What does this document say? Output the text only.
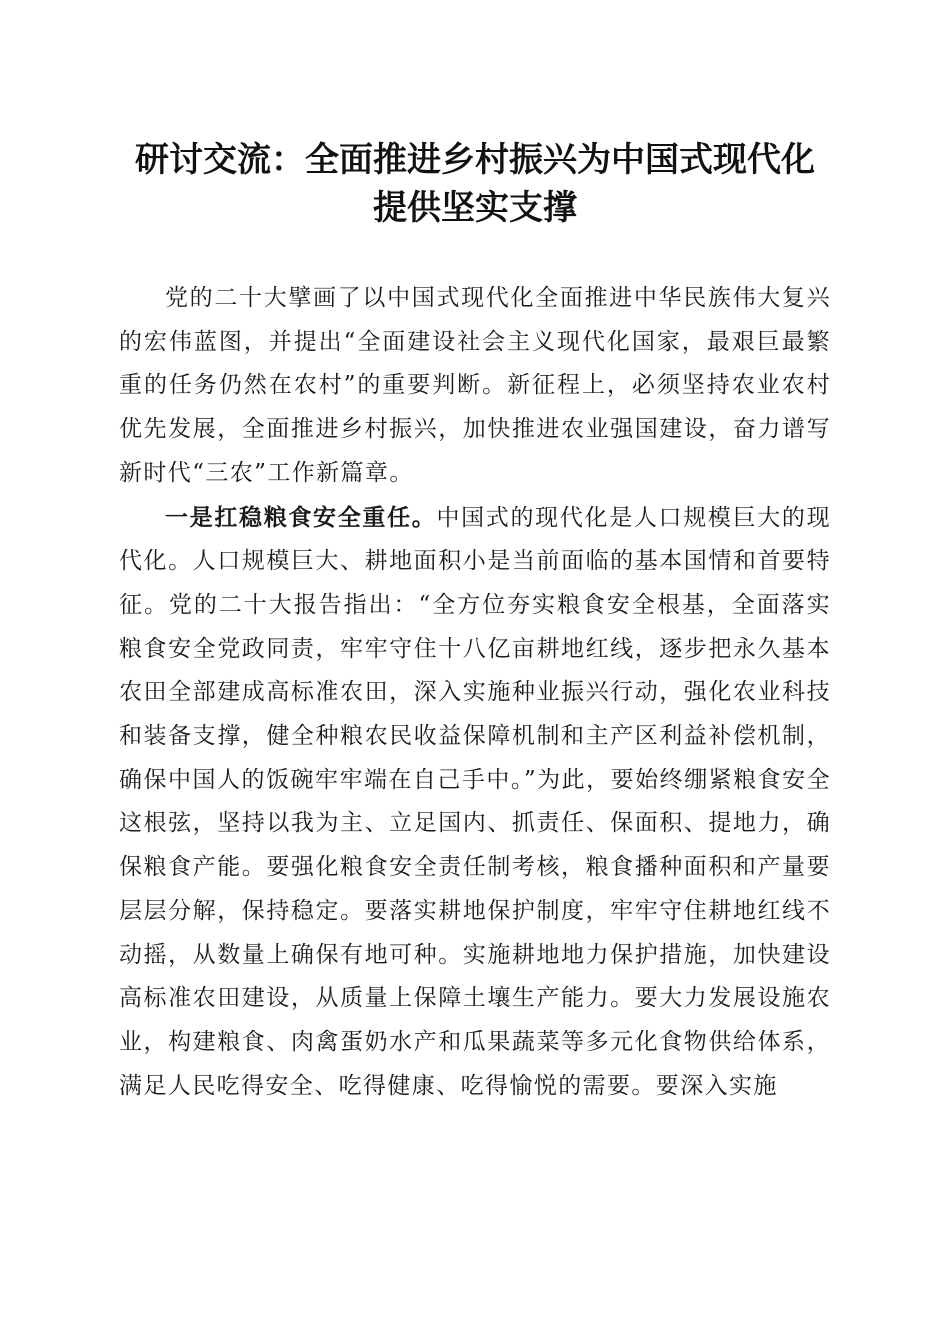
研讨交流：全面推进乡村振兴为中国式现代化
提供坚实支撑

党的二十大擘画了以中国式现代化全面推进中华民族伟大复兴的宏伟蓝图，并提出“全面建设社会主义现代化国家，最艰巨最繁重的任务仍然在农村”的重要判断。新征程上，必须坚持农业农村优先发展，全面推进乡村振兴，加快推进农业强国建设，奋力谱写新时代“三农”工作新篇章。

一是扛稳粮食安全重任。中国式的现代化是人口规模巨大的现代化。人口规模巨大、耕地面积小是当前面临的基本国情和首要特征。党的二十大报告指出：“全方位夯实粮食安全根基，全面落实粮食安全党政同责，牢牢守住十八亿亩耕地红线，逐步把永久基本农田全部建成高标准农田，深入实施种业振兴行动，强化农业科技和装备支撑，健全种粮农民收益保障机制和主产区利益补偿机制，确保中国人的饭碗牢牢端在自己手中。”为此，要始终绷紧粮食安全这根弦，坚持以我为主、立足国内、抓责任、保面积、提地力，确保粮食产能。要强化粮食安全责任制考核，粮食播种面积和产量要层层分解，保持稳定。要落实耕地保护制度，牢牢守住耕地红线不动摇，从数量上确保有地可种。实施耕地地力保护措施，加快建设高标准农田建设，从质量上保障土壤生产能力。要大力发展设施农业，构建粮食、肉禽蛋奶水产和瓜果蔬菜等多元化食物供给体系，满足人民吃得安全、吃得健康、吃得愉悦的需要。要深入实施
